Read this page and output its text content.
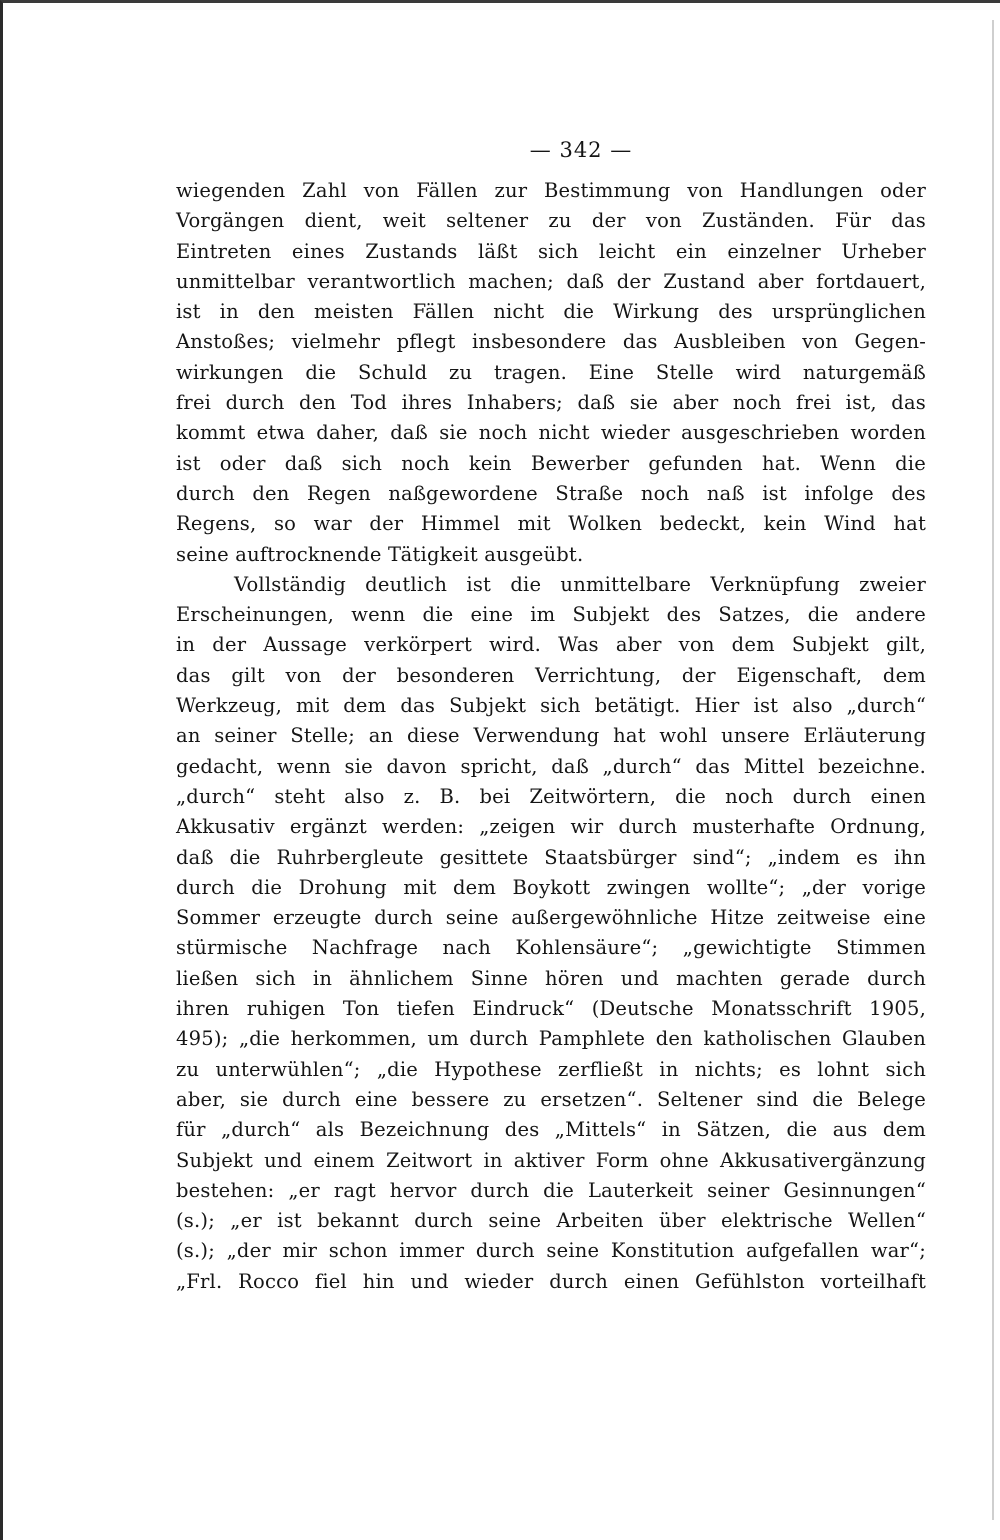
— 342 —
wiegenden Zahl von Fällen zur Bestimmung von Handlungen oder
Vorgängen dient, weit seltener zu der von Zuständen. Für das
Eintreten eines Zustands läßt sich leicht ein einzelner Urheber
unmittelbar verantwortlich machen; daß der Zustand aber fortdauert,
ist in den meisten Fällen nicht die Wirkung des ursprünglichen
Anstoßes; vielmehr pflegt insbesondere das Ausbleiben von Gegen-
wirkungen die Schuld zu tragen. Eine Stelle wird naturgemäß
frei durch den Tod ihres Inhabers; daß sie aber noch frei ist, das
kommt etwa daher, daß sie noch nicht wieder ausgeschrieben worden
ist oder daß sich noch kein Bewerber gefunden hat. Wenn die
durch den Regen naßgewordene Straße noch naß ist infolge des
Regens, so war der Himmel mit Wolken bedeckt, kein Wind hat
seine auftrocknende Tätigkeit ausgeübt.
Vollständig deutlich ist die unmittelbare Verknüpfung zweier
Erscheinungen, wenn die eine im Subjekt des Satzes, die andere
in der Aussage verkörpert wird. Was aber von dem Subjekt gilt,
das gilt von der besonderen Verrichtung, der Eigenschaft, dem
Werkzeug, mit dem das Subjekt sich betätigt. Hier ist also „durch“
an seiner Stelle; an diese Verwendung hat wohl unsere Erläuterung
gedacht, wenn sie davon spricht, daß „durch“ das Mittel bezeichne.
„durch“ steht also z. B. bei Zeitwörtern, die noch durch einen
Akkusativ ergänzt werden: „zeigen wir durch musterhafte Ordnung,
daß die Ruhrbergleute gesittete Staatsbürger sind“; „indem es ihn
durch die Drohung mit dem Boykott zwingen wollte“; „der vorige
Sommer erzeugte durch seine außergewöhnliche Hitze zeitweise eine
stürmische Nachfrage nach Kohlensäure“; „gewichtigte Stimmen
ließen sich in ähnlichem Sinne hören und machten gerade durch
ihren ruhigen Ton tiefen Eindruck“ (Deutsche Monatsschrift 1905,
495); „die herkommen, um durch Pamphlete den katholischen Glauben
zu unterwühlen“; „die Hypothese zerfließt in nichts; es lohnt sich
aber, sie durch eine bessere zu ersetzen“. Seltener sind die Belege
für „durch“ als Bezeichnung des „Mittels“ in Sätzen, die aus dem
Subjekt und einem Zeitwort in aktiver Form ohne Akkusativergänzung
bestehen: „er ragt hervor durch die Lauterkeit seiner Gesinnungen“
(s.); „er ist bekannt durch seine Arbeiten über elektrische Wellen“
(s.); „der mir schon immer durch seine Konstitution aufgefallen war“;
„Frl. Rocco fiel hin und wieder durch einen Gefühlston vorteilhaft
